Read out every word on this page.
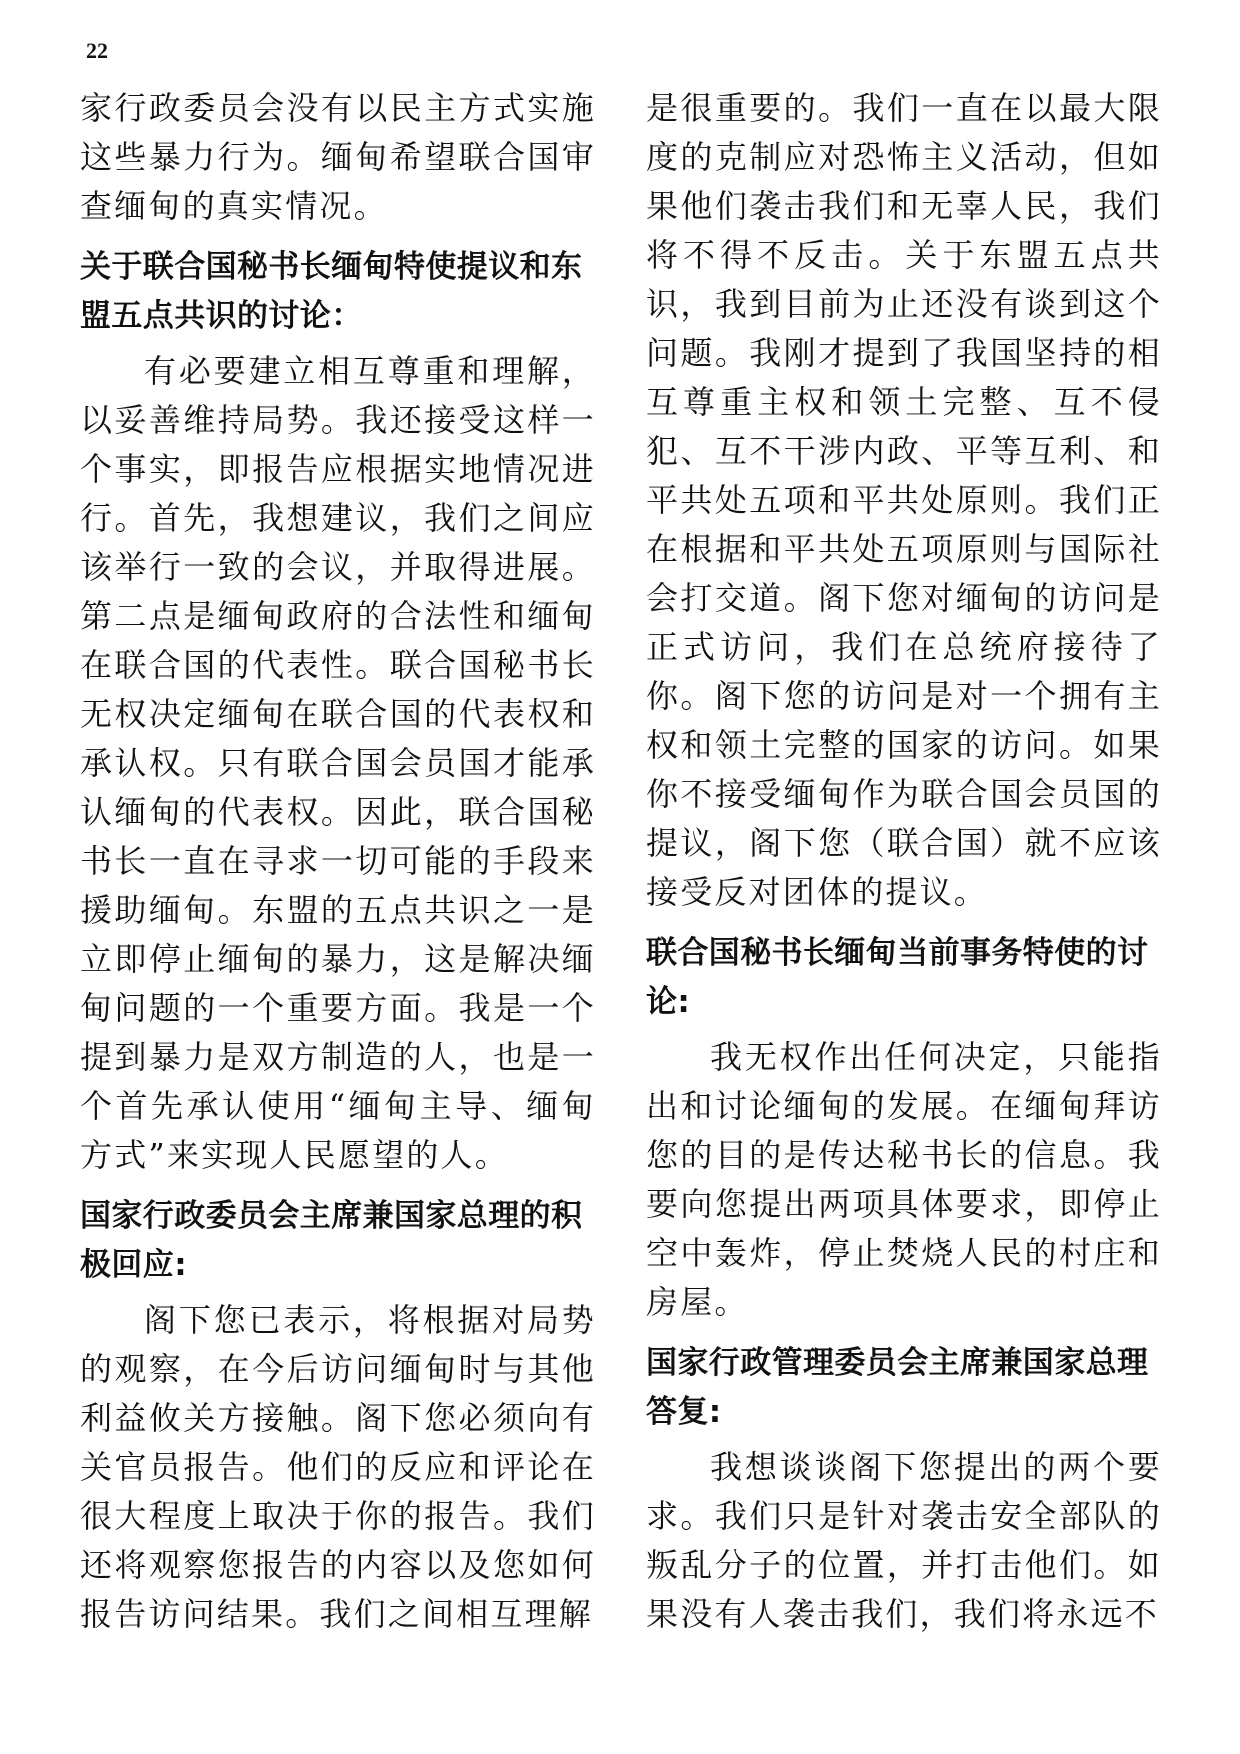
22

家行政委员会没有以民主方式实施这些暴力行为。缅甸希望联合国审查缅甸的真实情况。

关于联合国秘书长缅甸特使提议和东盟五点共识的讨论：

有必要建立相互尊重和理解，以妥善维持局势。我还接受这样一个事实，即报告应根据实地情况进行。首先，我想建议，我们之间应该举行一致的会议，并取得进展。第二点是缅甸政府的合法性和缅甸在联合国的代表性。联合国秘书长无权决定缅甸在联合国的代表权和承认权。只有联合国会员国才能承认缅甸的代表权。因此，联合国秘书长一直在寻求一切可能的手段来援助缅甸。东盟的五点共识之一是立即停止缅甸的暴力，这是解决缅甸问题的一个重要方面。我是一个提到暴力是双方制造的人，也是一个首先承认使用“缅甸主导、缅甸方式”来实现人民愿望的人。

国家行政委员会主席兼国家总理的积极回应:

阁下您已表示，将根据对局势的观察，在今后访问缅甸时与其他利益攸关方接触。阁下您必须向有关官员报告。他们的反应和评论在很大程度上取决于你的报告。我们还将观察您报告的内容以及您如何报告访问结果。我们之间相互理解

是很重要的。我们一直在以最大限度的克制应对恐怖主义活动，但如果他们袭击我们和无辜人民，我们将不得不反击。关于东盟五点共识，我到目前为止还没有谈到这个问题。我刚才提到了我国坚持的相互尊重主权和领土完整、互不侵犯、互不干涉内政、平等互利、和平共处五项和平共处原则。我们正在根据和平共处五项原则与国际社会打交道。阁下您对缅甸的访问是正式访问，我们在总统府接待了你。阁下您的访问是对一个拥有主权和领土完整的国家的访问。如果你不接受缅甸作为联合国会员国的提议，阁下您（联合国）就不应该接受反对团体的提议。

联合国秘书长缅甸当前事务特使的讨论:

我无权作出任何决定，只能指出和讨论缅甸的发展。在缅甸拜访您的目的是传达秘书长的信息。我要向您提出两项具体要求，即停止空中轰炸，停止焚烧人民的村庄和房屋。

国家行政管理委员会主席兼国家总理答复:

我想谈谈阁下您提出的两个要求。我们只是针对袭击安全部队的叛乱分子的位置，并打击他们。如果没有人袭击我们，我们将永远不
